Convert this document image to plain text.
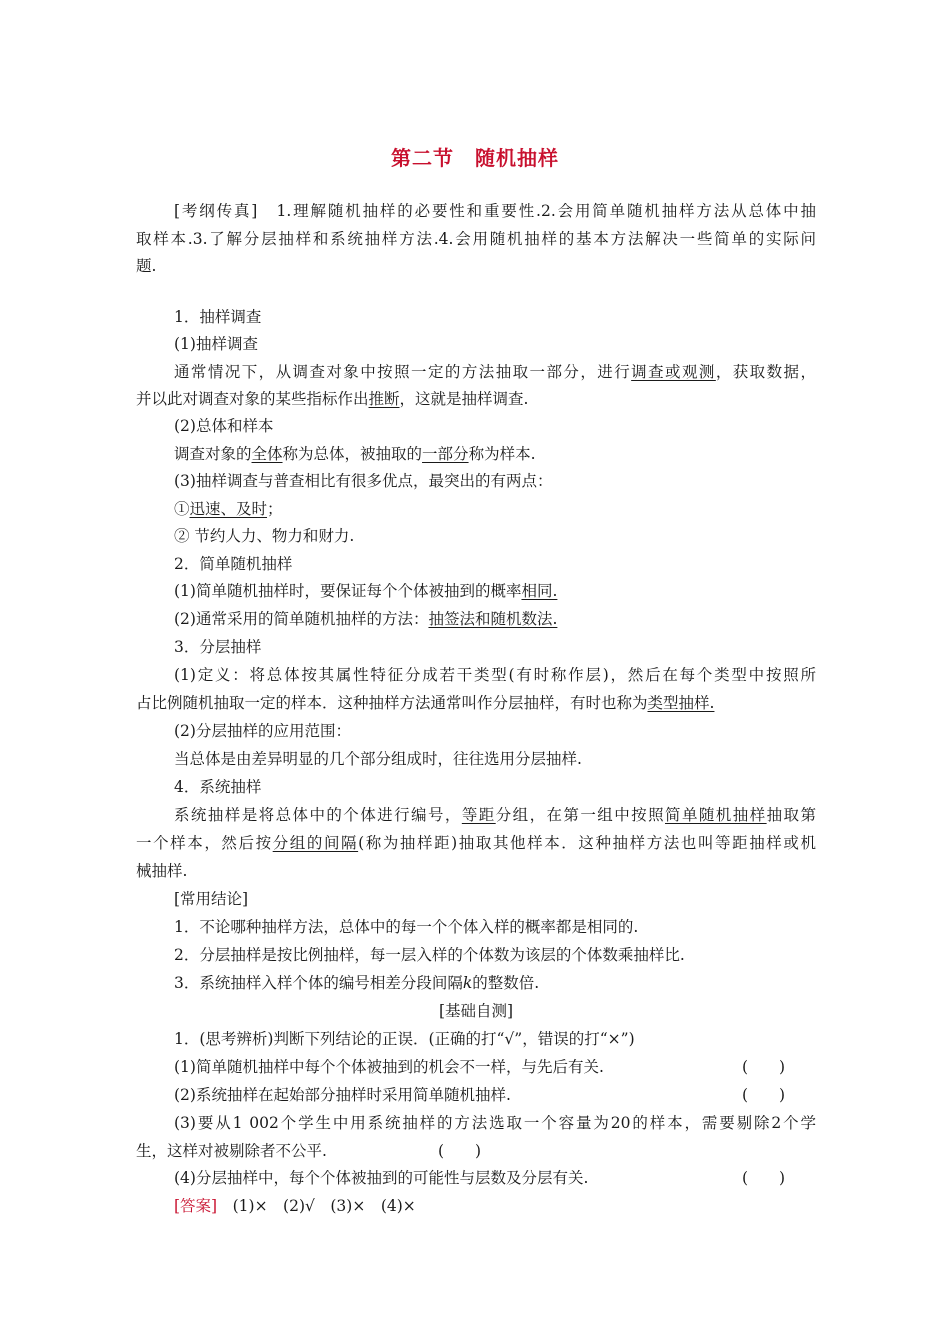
第二节　随机抽样
[考纲传真]　1.理解随机抽样的必要性和重要性.2.会用简单随机抽样方法从总体中抽
取样本.3.了解分层抽样和系统抽样方法.4.会用随机抽样的基本方法解决一些简单的实际问
题.
1．抽样调查
(1)抽样调查
通常情况下，从调查对象中按照一定的方法抽取一部分，进行调查或观测，获取数据，
并以此对调查对象的某些指标作出推断，这就是抽样调查.
(2)总体和样本
调查对象的全体称为总体，被抽取的一部分称为样本.
(3)抽样调查与普查相比有很多优点，最突出的有两点：
①迅速、及时；
② 节约人力、物力和财力.
2．简单随机抽样
(1)简单随机抽样时，要保证每个个体被抽到的概率相同.
(2)通常采用的简单随机抽样的方法：抽签法和随机数法.
3．分层抽样
(1)定义：将总体按其属性特征分成若干类型(有时称作层)，然后在每个类型中按照所
占比例随机抽取一定的样本．这种抽样方法通常叫作分层抽样，有时也称为类型抽样.
(2)分层抽样的应用范围：
当总体是由差异明显的几个部分组成时，往往选用分层抽样.
4．系统抽样
系统抽样是将总体中的个体进行编号，等距分组，在第一组中按照简单随机抽样抽取第
一个样本，然后按分组的间隔(称为抽样距)抽取其他样本．这种抽样方法也叫等距抽样或机
械抽样.
[常用结论]
1．不论哪种抽样方法，总体中的每一个个体入样的概率都是相同的.
2．分层抽样是按比例抽样，每一层入样的个体数为该层的个体数乘抽样比.
3．系统抽样入样个体的编号相差分段间隔k的整数倍.
[基础自测]
1．(思考辨析)判断下列结论的正误．(正确的打“√”，错误的打“×”)
(1)简单随机抽样中每个个体被抽到的机会不一样，与先后有关.	(　　)
(2)系统抽样在起始部分抽样时采用简单随机抽样.	(　　)
(3)要从1 002个学生中用系统抽样的方法选取一个容量为20的样本，需要剔除2个学
生，这样对被剔除者不公平.	(　　)
(4)分层抽样中，每个个体被抽到的可能性与层数及分层有关.	(　　)
[答案]　(1)×　(2)√　(3)×　(4)×
